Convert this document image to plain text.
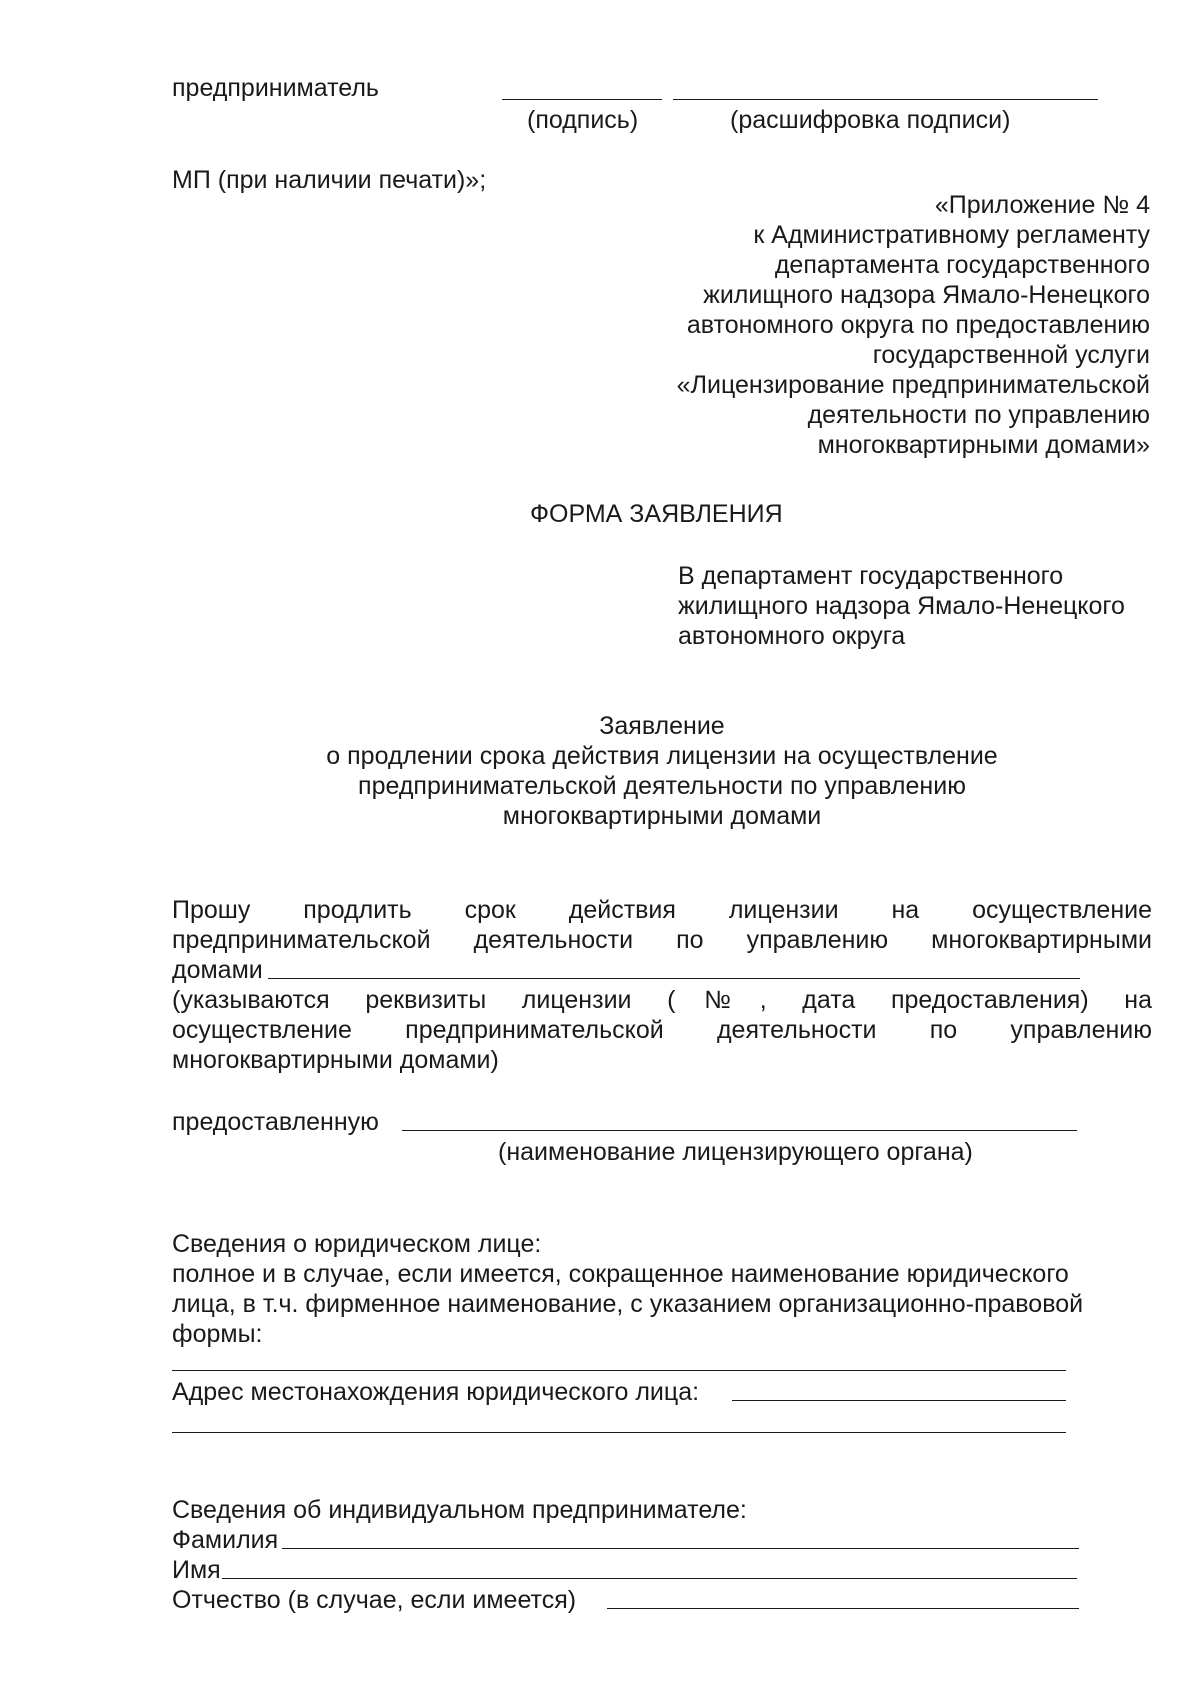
предприниматель
(подпись)	(расшифровка подписи)
МП (при наличии печати)»;
«Приложение № 4
к Административному регламенту
департамента государственного
жилищного надзора Ямало-Ненецкого
автономного округа по предоставлению
государственной услуги
«Лицензирование предпринимательской
деятельности по управлению
многоквартирными домами»
ФОРМА ЗАЯВЛЕНИЯ
В департамент государственного
жилищного надзора Ямало-Ненецкого
автономного округа
Заявление
о продлении срока действия лицензии на осуществление
предпринимательской деятельности по управлению
многоквартирными домами
Прошу продлить срок действия лицензии на осуществление
предпринимательской деятельности по управлению многоквартирными
домами
(указываются реквизиты лицензии (№, дата предоставления) на
осуществление предпринимательской деятельности по управлению
многоквартирными домами)
предоставленную
(наименование лицензирующего органа)
Сведения о юридическом лице:
полное и в случае, если имеется, сокращенное наименование юридического
лица, в т.ч. фирменное наименование, с указанием организационно-правовой
формы:
Адрес местонахождения юридического лица:
Сведения об индивидуальном предпринимателе:
Фамилия
Имя
Отчество (в случае, если имеется)
